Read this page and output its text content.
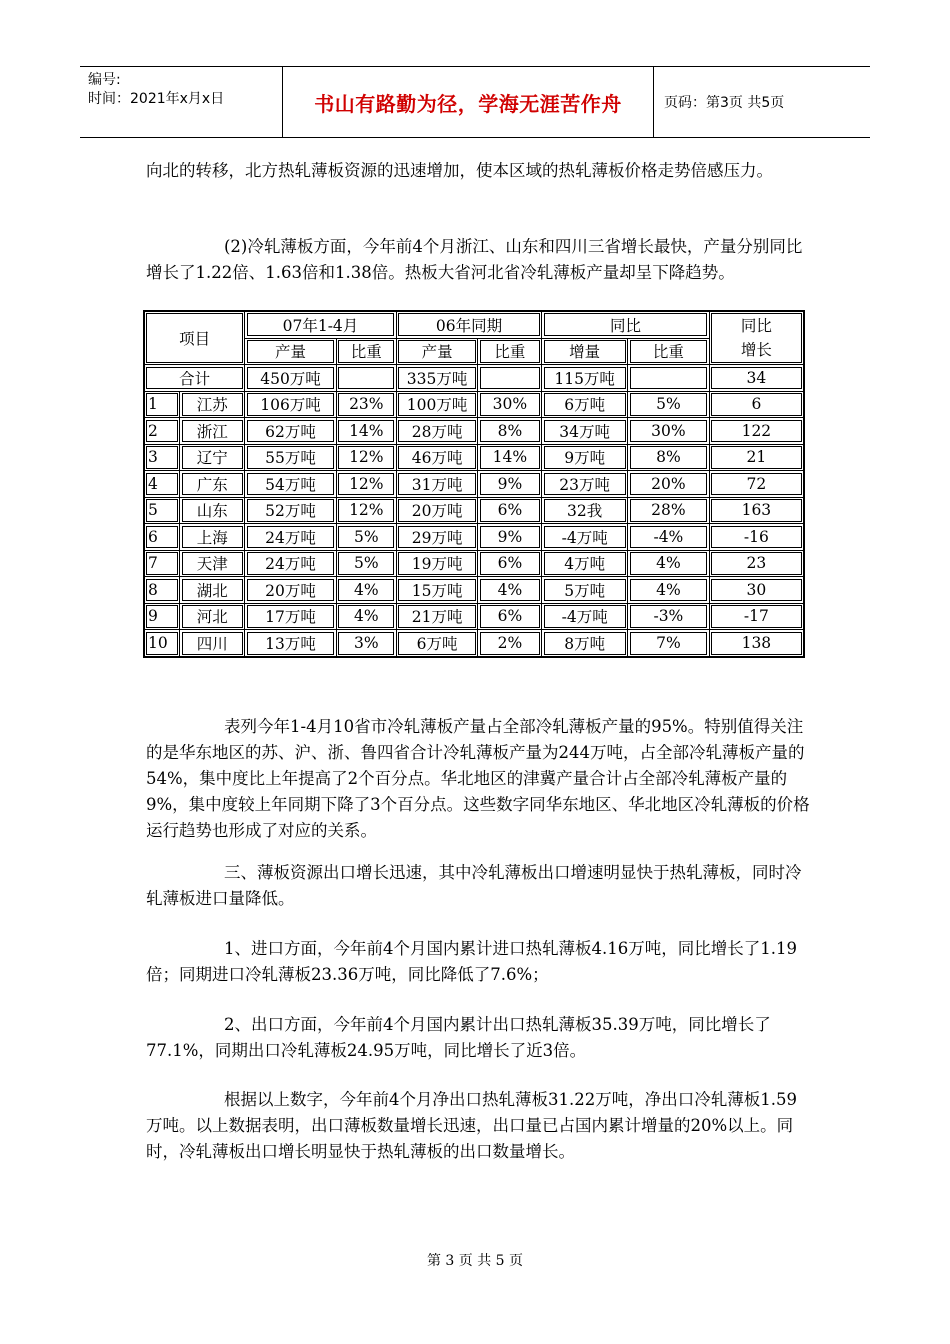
编号:
时间：2021年x月x日	书山有路勤为径，学海无涯苦作舟	页码：第3页 共5页

向北的转移，北方热轧薄板资源的迅速增加，使本区域的热轧薄板价格走势倍感压力。

(2)冷轧薄板方面，今年前4个月浙江、山东和四川三省增长最快，产量分别同比增长了1.22倍、1.63倍和1.38倍。热板大省河北省冷轧薄板产量却呈下降趋势。

项目		07年1-4月		06年同期		同比		同比
增长
		产量	比重	产量	比重	增量	比重	
合计		450万吨		335万吨		115万吨		34
1	江苏	106万吨	23%	100万吨	30%	6万吨	5%	6
2	浙江	62万吨	14%	28万吨	8%	34万吨	30%	122
3	辽宁	55万吨	12%	46万吨	14%	9万吨	8%	21
4	广东	54万吨	12%	31万吨	9%	23万吨	20%	72
5	山东	52万吨	12%	20万吨	6%	32我	28%	163
6	上海	24万吨	5%	29万吨	9%	-4万吨	-4%	-16
7	天津	24万吨	5%	19万吨	6%	4万吨	4%	23
8	湖北	20万吨	4%	15万吨	4%	5万吨	4%	30
9	河北	17万吨	4%	21万吨	6%	-4万吨	-3%	-17
10	四川	13万吨	3%	6万吨	2%	8万吨	7%	138

表列今年1-4月10省市冷轧薄板产量占全部冷轧薄板产量的95%。特别值得关注的是华东地区的苏、沪、浙、鲁四省合计冷轧薄板产量为244万吨，占全部冷轧薄板产量的54%，集中度比上年提高了2个百分点。华北地区的津冀产量合计占全部冷轧薄板产量的9%，集中度较上年同期下降了3个百分点。这些数字同华东地区、华北地区冷轧薄板的价格运行趋势也形成了对应的关系。

三、薄板资源出口增长迅速，其中冷轧薄板出口增速明显快于热轧薄板，同时冷轧薄板进口量降低。

1、进口方面，今年前4个月国内累计进口热轧薄板4.16万吨，同比增长了1.19倍；同期进口冷轧薄板23.36万吨，同比降低了7.6%；

2、出口方面，今年前4个月国内累计出口热轧薄板35.39万吨，同比增长了77.1%，同期出口冷轧薄板24.95万吨，同比增长了近3倍。

根据以上数字，今年前4个月净出口热轧薄板31.22万吨，净出口冷轧薄板1.59万吨。以上数据表明，出口薄板数量增长迅速，出口量已占国内累计增量的20%以上。同时，冷轧薄板出口增长明显快于热轧薄板的出口数量增长。

第 3 页 共 5 页
